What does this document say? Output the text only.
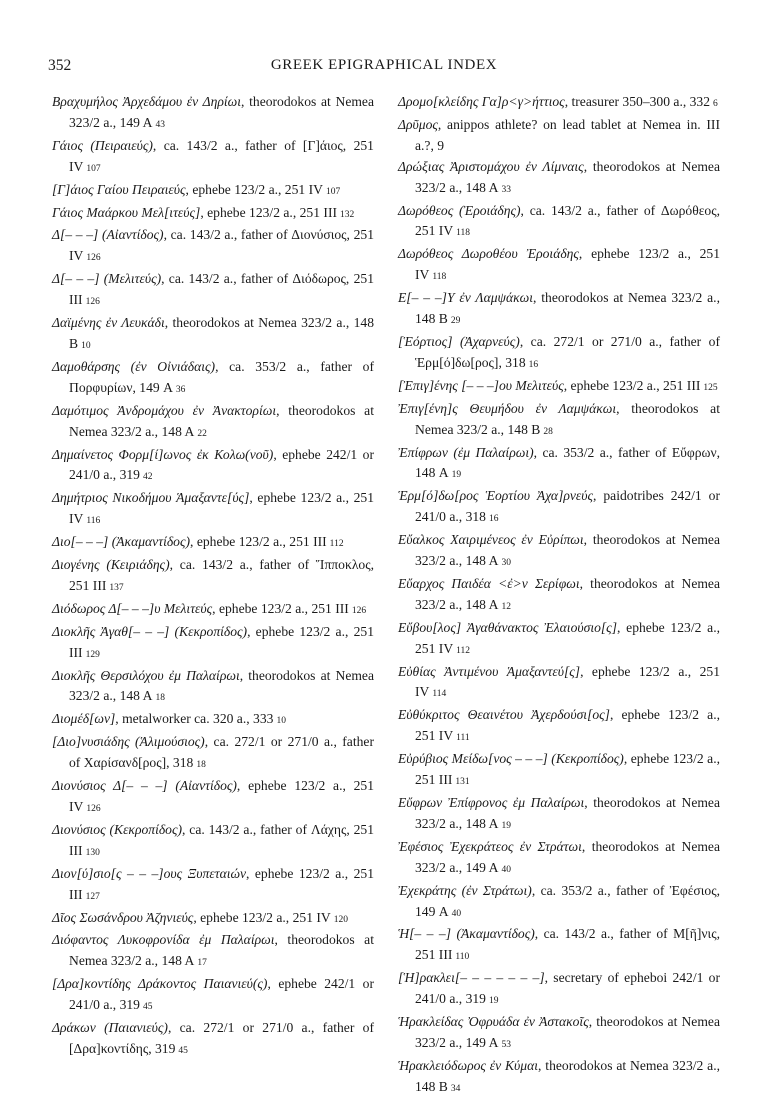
352	GREEK EPIGRAPHICAL INDEX
Βραχυμήλος Ἀρχεδάμου ἐν Δηρίωι, theorodokos at Nemea 323/2 a., 149 A 43
Γάιος (Πειραιεύς), ca. 143/2 a., father of [Γ]άιος, 251 IV 107
[Γ]άιος Γαίου Πειραιεύς, ephebe 123/2 a., 251 IV 107
Γάιος Μαάρκου Μελ[ιτεύς], ephebe 123/2 a., 251 III 132
Δ[– – –] (Αἰαντίδος), ca. 143/2 a., father of Διονύσιος, 251 IV 126
Δ[– – –] (Μελιτεύς), ca. 143/2 a., father of Διόδωρος, 251 III 126
Δαϊμένης ἐν Λευκάδι, theorodokos at Nemea 323/2 a., 148 B 10
Δαμοθάρσης (ἐν Οἰνιάδαις), ca. 353/2 a., father of Πορφυρίων, 149 A 36
Δαμότιμος Ἀνδρομάχου ἐν Ἀνακτορίωι, theorodokos at Nemea 323/2 a., 148 A 22
Δημαίνετος Φορμ[ί]ωνος ἐκ Κολω(νοῦ), ephebe 242/1 or 241/0 a., 319 42
Δημήτριος Νικοδήμου Ἁμαξαντε[ύς], ephebe 123/2 a., 251 IV 116
Διο[– – –] (Ἀκαμαντίδος), ephebe 123/2 a., 251 III 112
Διογένης (Κειριάδης), ca. 143/2 a., father of Ἵππoκλος, 251 III 137
Διόδωρος Δ[– – –]υ Μελιτεύς, ephebe 123/2 a., 251 III 126
Διοκλῆς Ἀγαθ[– – –] (Κεκροπίδος), ephebe 123/2 a., 251 III 129
Διοκλῆς Θερσιλόχου ἐμ Παλαίρωι, theorodokos at Nemea 323/2 a., 148 A 18
Διομέδ[ων], metalworker ca. 320 a., 333 10
[Διο]νυσιάδης (Ἁλιμούσιος), ca. 272/1 or 271/0 a., father of Χαρίσανδ[ρος], 318 18
Διονύσιος Δ[– – –] (Αἰαντίδος), ephebe 123/2 a., 251 IV 126
Διονύσιος (Κεκροπίδος), ca. 143/2 a., father of Λάχης, 251 III 130
Διον[ύ]σιο[ς – – –]ους Ξυπεταιών, ephebe 123/2 a., 251 III 127
Δῖος Σωσάνδρου Ἀζηνιεύς, ephebe 123/2 a., 251 IV 120
Διόφαντος Λυκοφρονίδα ἐμ Παλαίρωι, theorodokos at Nemea 323/2 a., 148 A 17
[Δρα]κοντίδης Δράκοντος Παιανιεύ(ς), ephebe 242/1 or 241/0 a., 319 45
Δράκων (Παιανιεύς), ca. 272/1 or 271/0 a., father of [Δρα]κοντίδης, 319 45
Δρομο[κλείδης Γα]ρ<γ>ήττιος, treasurer 350–300 a., 332 6
Δρῦμος, anippos athlete? on lead tablet at Nemea in. III a.?, 9
Δρώξιας Ἀριστομάχου ἐν Λίμναις, theorodokos at Nemea 323/2 a., 148 A 33
Δωρόθεος (Ἐροιάδης), ca. 143/2 a., father of Δωρόθεος, 251 IV 118
Δωρόθεος Δωροθέου Ἐροιάδης, ephebe 123/2 a., 251 IV 118
Ε[– – –]Υ ἐν Λαμψάκωι, theorodokos at Nemea 323/2 a., 148 B 29
[Ἑόρτιος] (Ἀχαρνεύς), ca. 272/1 or 271/0 a., father of Ἑρμ[ό]δω[ρος], 318 16
[Ἐπιγ]ένης [– – –]ου Μελιτεύς, ephebe 123/2 a., 251 III 125
Ἐπιγ[ένη]ς Θευμήδου ἐν Λαμψάκωι, theorodokos at Nemea 323/2 a., 148 B 28
Ἐπίφρων (ἐμ Παλαίρωι), ca. 353/2 a., father of Εὔφρων, 148 A 19
Ἑρμ[ό]δω[ρος Ἑορτίου Ἀχα]ρνεύς, paidotribes 242/1 or 241/0 a., 318 16
Εὔαλκος Χαιριμένεος ἐν Εὐρίπωι, theorodokos at Nemea 323/2 a., 148 A 30
Εὔαρχος Παιδέα <ἐ>ν Σερίφωι, theorodokos at Nemea 323/2 a., 148 A 12
Εὔβου[λος] Ἀγαθάνακτος Ἐλαιούσιο[ς], ephebe 123/2 a., 251 IV 112
Εὐθίας Ἀντιμένου Ἁμαξαντεύ[ς], ephebe 123/2 a., 251 IV 114
Εὐθύκριτος Θεαινέτου Ἀχερδούσι[ος], ephebe 123/2 a., 251 IV 111
Εὐρύβιος Μείδω[νος – – –] (Κεκροπίδος), ephebe 123/2 a., 251 III 131
Εὔφρων Ἐπίφρονος ἐμ Παλαίρωι, theorodokos at Nemea 323/2 a., 148 A 19
Ἐφέσιος Ἐχεκράτεος ἐν Στράτωι, theorodokos at Nemea 323/2 a., 149 A 40
Ἐχεκράτης (ἐν Στράτωι), ca. 353/2 a., father of Ἐφέσιος, 149 A 40
Ἡ[– – –] (Ἀκαμαντίδος), ca. 143/2 a., father of Μ[ῆ]νις, 251 III 110
[Ἡ]ρακλει[– – – – – – –], secretary of epheboi 242/1 or 241/0 a., 319 19
Ἡρακλείδας Ὀφρυάδα ἐν Ἀστακοῖς, theorodokos at Nemea 323/2 a., 149 A 53
Ἡρακλειόδωρος ἐν Κύμαι, theorodokos at Nemea 323/2 a., 148 B 34
